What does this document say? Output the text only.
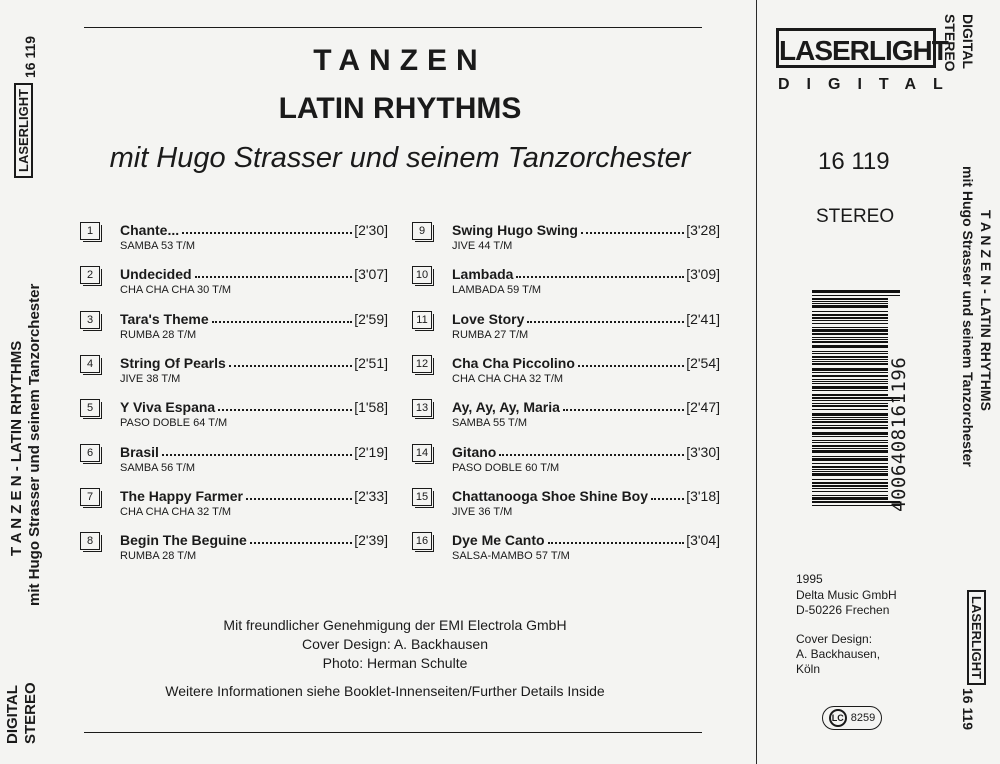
16 119
LASERLIGHT
T A N Z E N - LATIN RHYTHMS mit Hugo Strasser und seinem Tanzorchester
DIGITAL STEREO
TANZEN
LATIN RHYTHMS
mit Hugo Strasser und seinem Tanzorchester
1	Chante...	[2'30]
SAMBA 53 T/M
2	Undecided	[3'07]
CHA CHA CHA 30 T/M
3	Tara's Theme	[2'59]
RUMBA 28 T/M
4	String Of Pearls	[2'51]
JIVE 38 T/M
5	Y Viva Espana	[1'58]
PASO DOBLE 64 T/M
6	Brasil	[2'19]
SAMBA 56 T/M
7	The Happy Farmer	[2'33]
CHA CHA CHA 32 T/M
8	Begin The Beguine	[2'39]
RUMBA 28 T/M
9	Swing Hugo Swing	[3'28]
JIVE 44 T/M
10 Lambada	[3'09]
LAMBADA 59 T/M
11	Love Story	[2'41]
RUMBA 27 T/M
12 Cha Cha Piccolino	[2'54]
CHA CHA CHA 32 T/M
13 Ay, Ay, Ay, Maria	[2'47]
SAMBA 55 T/M
14 Gitano	[3'30]
PASO DOBLE 60 T/M
15 Chattanooga Shoe Shine Boy	[3'18]
JIVE 36 T/M
16 Dye Me Canto	[3'04]
SALSA-MAMBO 57 T/M
Mit freundlicher Genehmigung der EMI Electrola GmbH
Cover Design: A. Backhausen
Photo: Herman Schulte
Weitere Informationen siehe Booklet-Innenseiten/Further Details Inside
LASERLIGHT
DIGITAL
16 119
STEREO
4006408161196
1995
Delta Music GmbH
D-50226 Frechen
Cover Design:
A. Backhausen,
Köln
LC 8259
DIGITAL
STEREO
T A N Z E N - LATIN RHYTHMS
mit Hugo Strasser und seinem Tanzorchester
LASERLIGHT
16 119
